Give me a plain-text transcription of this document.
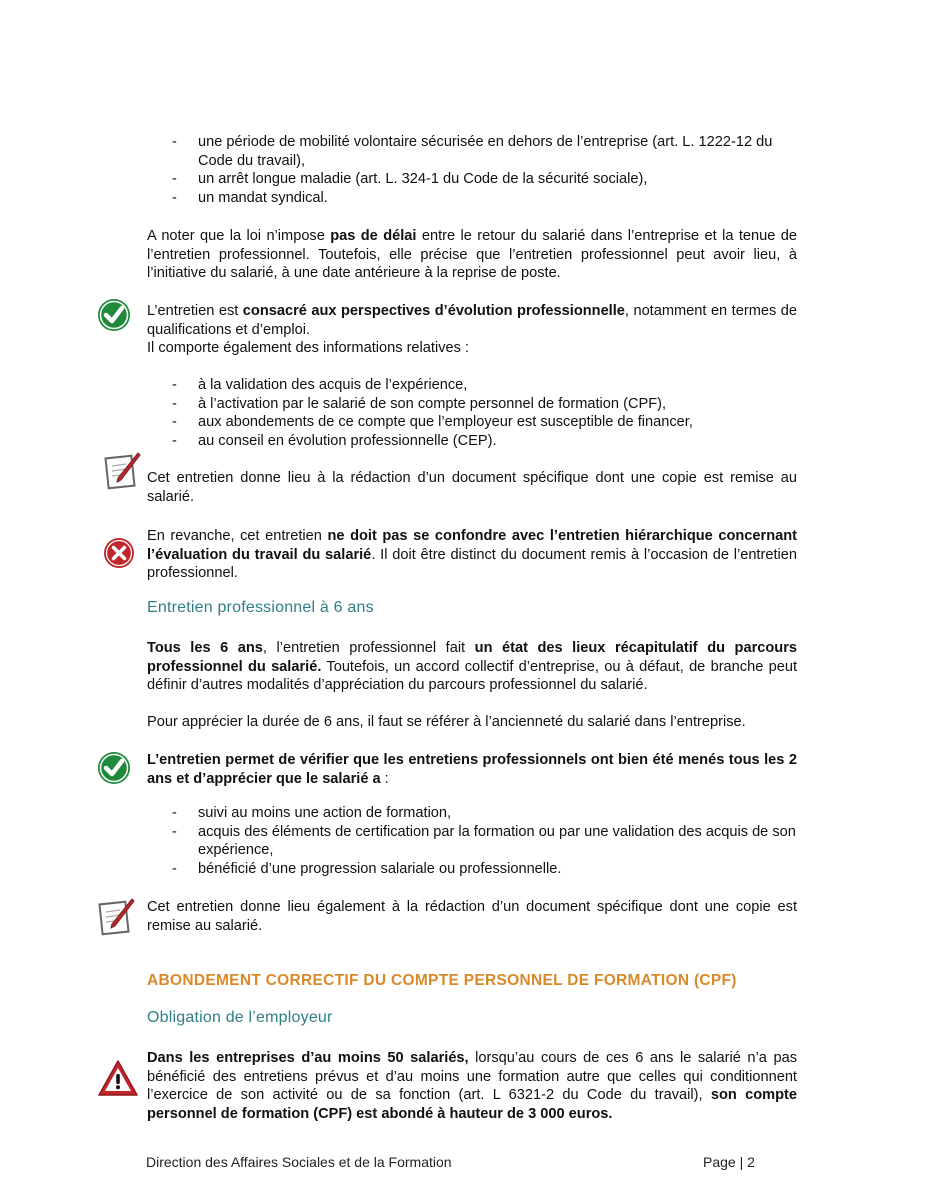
- une période de mobilité volontaire sécurisée en dehors de l’entreprise (art. L. 1222-12 du Code du travail),
- un arrêt longue maladie (art. L. 324-1 du Code de la sécurité sociale),
- un mandat syndical.

A noter que la loi n’impose pas de délai entre le retour du salarié dans l’entreprise et la tenue de l’entretien professionnel. Toutefois, elle précise que l’entretien professionnel peut avoir lieu, à l’initiative du salarié, à une date antérieure à la reprise de poste.

L’entretien est consacré aux perspectives d’évolution professionnelle, notamment en termes de qualifications et d’emploi.
Il comporte également des informations relatives :

- à la validation des acquis de l’expérience,
- à l’activation par le salarié de son compte personnel de formation (CPF),
- aux abondements de ce compte que l’employeur est susceptible de financer,
- au conseil en évolution professionnelle (CEP).

Cet entretien donne lieu à la rédaction d’un document spécifique dont une copie est remise au salarié.

En revanche, cet entretien ne doit pas se confondre avec l’entretien hiérarchique concernant l’évaluation du travail du salarié. Il doit être distinct du document remis à l’occasion de l’entretien professionnel.

Entretien professionnel à 6 ans

Tous les 6 ans, l’entretien professionnel fait un état des lieux récapitulatif du parcours professionnel du salarié. Toutefois, un accord collectif d’entreprise, ou à défaut, de branche peut définir d’autres modalités d’appréciation du parcours professionnel du salarié.

Pour apprécier la durée de 6 ans, il faut se référer à l’ancienneté du salarié dans l’entreprise.

L’entretien permet de vérifier que les entretiens professionnels ont bien été menés tous les 2 ans et d’apprécier que le salarié a :

- suivi au moins une action de formation,
- acquis des éléments de certification par la formation ou par une validation des acquis de son expérience,
- bénéficié d’une progression salariale ou professionnelle.

Cet entretien donne lieu également à la rédaction d’un document spécifique dont une copie est remise au salarié.

ABONDEMENT CORRECTIF DU COMPTE PERSONNEL DE FORMATION (CPF)
Obligation de l’employeur

Dans les entreprises d’au moins 50 salariés, lorsqu’au cours de ces 6 ans le salarié n’a pas bénéficié des entretiens prévus et d’au moins une formation autre que celles qui conditionnent l’exercice de son activité ou de sa fonction (art. L 6321-2 du Code du travail), son compte personnel de formation (CPF) est abondé à hauteur de 3 000 euros.

Direction des Affaires Sociales et de la Formation	Page | 2
